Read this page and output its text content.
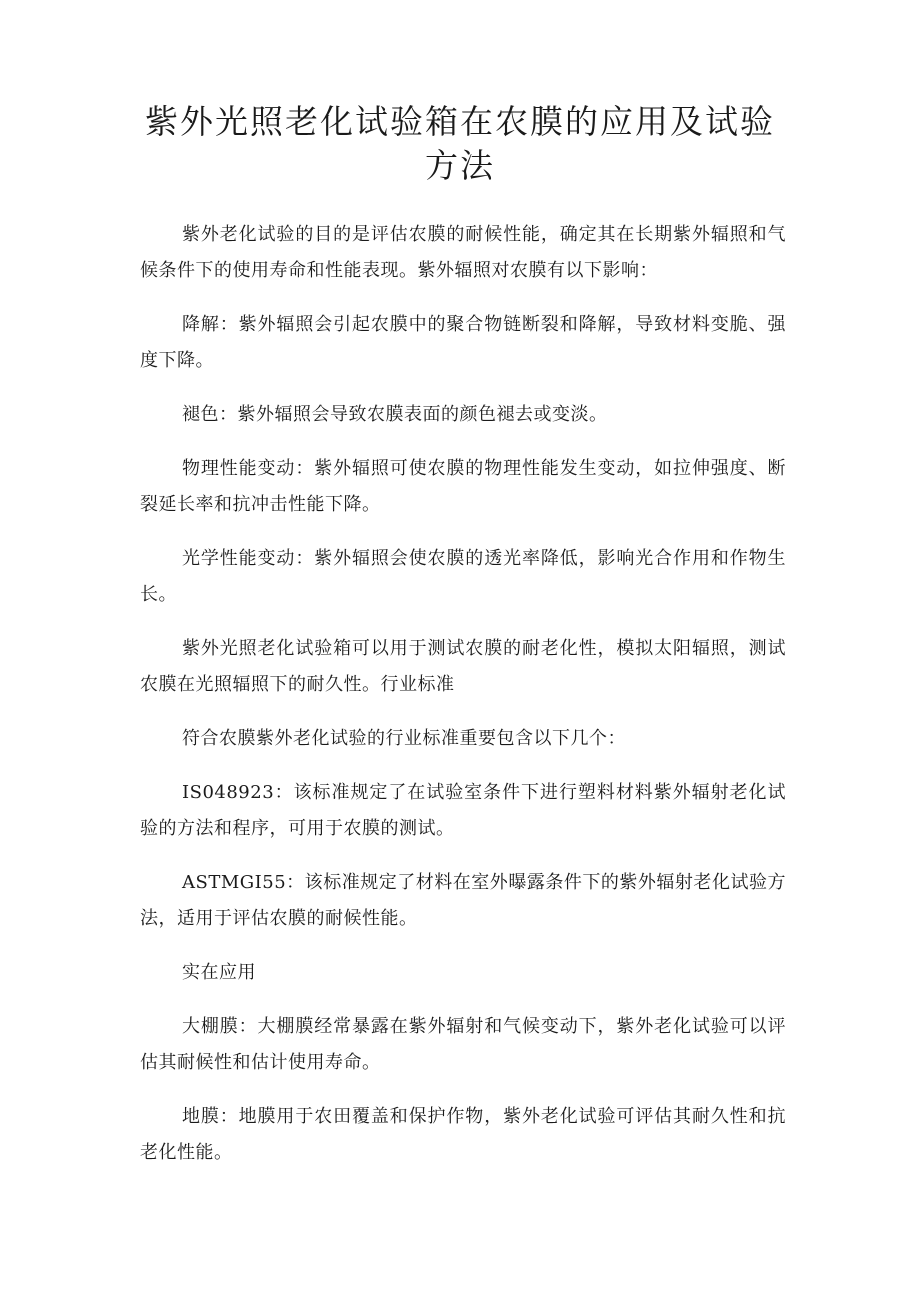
紫外光照老化试验箱在农膜的应用及试验方法

紫外老化试验的目的是评估农膜的耐候性能，确定其在长期紫外辐照和气候条件下的使用寿命和性能表现。紫外辐照对农膜有以下影响：

降解：紫外辐照会引起农膜中的聚合物链断裂和降解，导致材料变脆、强度下降。

褪色：紫外辐照会导致农膜表面的颜色褪去或变淡。

物理性能变动：紫外辐照可使农膜的物理性能发生变动，如拉伸强度、断裂延长率和抗冲击性能下降。

光学性能变动：紫外辐照会使农膜的透光率降低，影响光合作用和作物生长。

紫外光照老化试验箱可以用于测试农膜的耐老化性，模拟太阳辐照，测试农膜在光照辐照下的耐久性。行业标准

符合农膜紫外老化试验的行业标准重要包含以下几个：

IS048923：该标准规定了在试验室条件下进行塑料材料紫外辐射老化试验的方法和程序，可用于农膜的测试。

ASTMGI55：该标准规定了材料在室外曝露条件下的紫外辐射老化试验方法，适用于评估农膜的耐候性能。

实在应用

大棚膜：大棚膜经常暴露在紫外辐射和气候变动下，紫外老化试验可以评估其耐候性和估计使用寿命。

地膜：地膜用于农田覆盖和保护作物，紫外老化试验可评估其耐久性和抗老化性能。
